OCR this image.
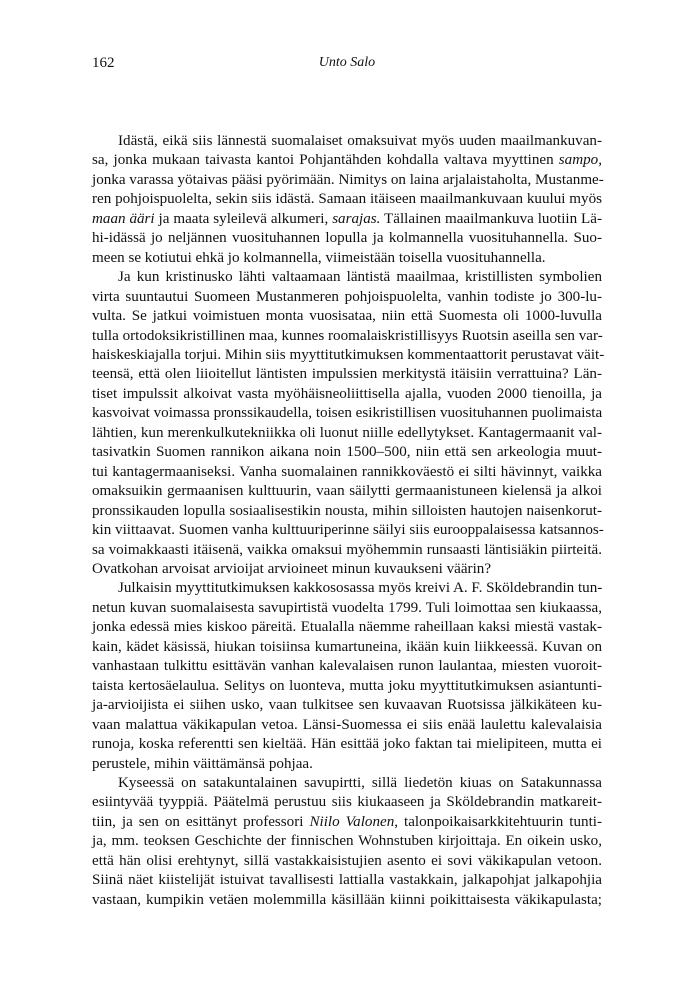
162	Unto Salo

Idästä, eikä siis lännestä suomalaiset omaksuivat myös uuden maailmankuvan-
sa, jonka mukaan taivasta kantoi Pohjantähden kohdalla valtava myyttinen sampo,
jonka varassa yötaivas pääsi pyörimään. Nimitys on laina arjalaistaholta, Mustanme-
ren pohjoispuolelta, sekin siis idästä. Samaan itäiseen maailmankuvaan kuului myös
maan ääri ja maata syleilevä alkumeri, sarajas. Tällainen maailmankuva luotiin Lä-
hi-idässä jo neljännen vuosituhannen lopulla ja kolmannella vuosituhannella. Suo-
meen se kotiutui ehkä jo kolmannella, viimeistään toisella vuosituhannella.

Ja kun kristinusko lähti valtaamaan läntistä maailmaa, kristillisten symbolien
virta suuntautui Suomeen Mustanmeren pohjoispuolelta, vanhin todiste jo 300-lu-
vulta. Se jatkui voimistuen monta vuosisataa, niin että Suomesta oli 1000-luvulla
tulla ortodoksikristillinen maa, kunnes roomalaiskristillisyys Ruotsin aseilla sen var-
haiskeskiajalla torjui. Mihin siis myyttitutkimuksen kommentaattorit perustavat väit-
teensä, että olen liioitellut läntisten impulssien merkitystä itäisiin verrattuina? Län-
tiset impulssit alkoivat vasta myöhäisneoliittisella ajalla, vuoden 2000 tienoilla, ja
kasvoivat voimassa pronssikaudella, toisen esikristillisen vuosituhannen puolimaista
lähtien, kun merenkulkutekniikka oli luonut niille edellytykset. Kantagermaanit val-
tasivatkin Suomen rannikon aikana noin 1500–500, niin että sen arkeologia muut-
tui kantagermaaniseksi. Vanha suomalainen rannikkoväestö ei silti hävinnyt, vaikka
omaksuikin germaanisen kulttuurin, vaan säilytti germaanistuneen kielensä ja alkoi
pronssikauden lopulla sosiaalisestikin nousta, mihin silloisten hautojen naisenkorut-
kin viittaavat. Suomen vanha kulttuuriperinne säilyi siis eurooppalaisessa katsannos-
sa voimakkaasti itäisenä, vaikka omaksui myöhemmin runsaasti läntisiäkin piirteitä.
Ovatkohan arvoisat arvioijat arvioineet minun kuvaukseni väärin?

Julkaisin myyttitutkimuksen kakkososassa myös kreivi A. F. Sköldebrandin tun-
netun kuvan suomalaisesta savupirtistä vuodelta 1799. Tuli loimottaa sen kiukaassa,
jonka edessä mies kiskoo päreitä. Etualalla näemme raheillaan kaksi miestä vastak-
kain, kädet käsissä, hiukan toisiinsa kumartuneina, ikään kuin liikkeessä. Kuvan on
vanhastaan tulkittu esittävän vanhan kalevalaisen runon laulantaa, miesten vuoroit-
taista kertosäelaulua. Selitys on luonteva, mutta joku myyttitutkimuksen asiantunti-
ja-arvioijista ei siihen usko, vaan tulkitsee sen kuvaavan Ruotsissa jälkikäteen ku-
vaan malattua väkikapulan vetoa. Länsi-Suomessa ei siis enää laulettu kalevalaisia
runoja, koska referentti sen kieltää. Hän esittää joko faktan tai mielipiteen, mutta ei
perustele, mihin väittämänsä pohjaa.

Kyseessä on satakuntalainen savupirtti, sillä liedetön kiuas on Satakunnassa
esiintyvää tyyppiä. Päätelmä perustuu siis kiukaaseen ja Sköldebrandin matkareit-
tiin, ja sen on esittänyt professori Niilo Valonen, talonpoikaisarkkitehtuurin tunti-
ja, mm. teoksen Geschichte der finnischen Wohnstuben kirjoittaja. En oikein usko,
että hän olisi erehtynyt, sillä vastakkaisistujien asento ei sovi väkikapulan vetoon.
Siinä näet kiistelijät istuivat tavallisesti lattialla vastakkain, jalkapohjat jalkapohjia
vastaan, kumpikin vetäen molemmilla käsillään kiinni poikittaisesta väkikapulasta;
